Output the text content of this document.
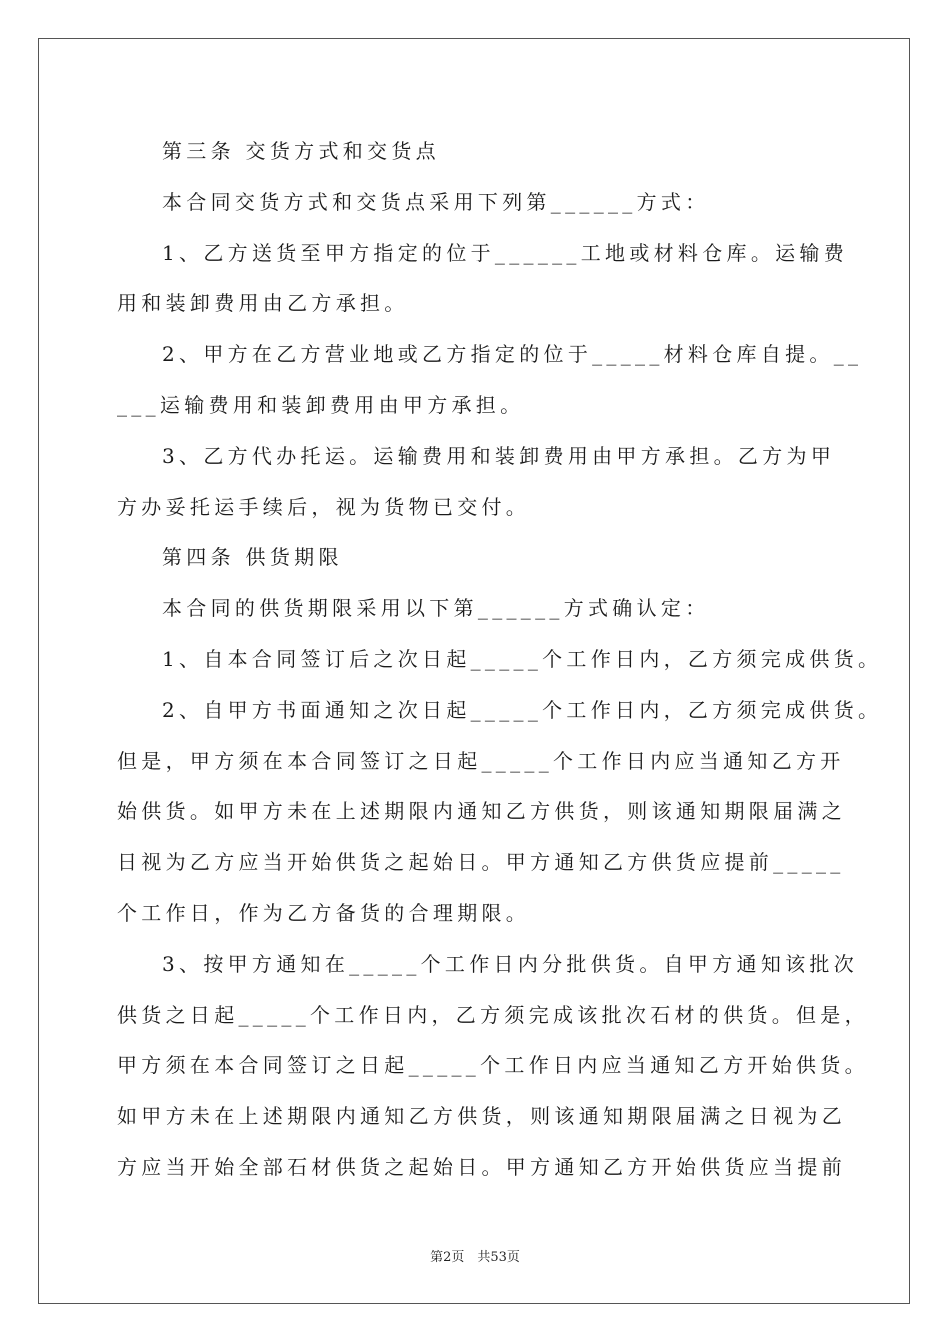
第三条 交货方式和交货点
本合同交货方式和交货点采用下列第______方式：
1、乙方送货至甲方指定的位于______工地或材料仓库。运输费
用和装卸费用由乙方承担。
2、甲方在乙方营业地或乙方指定的位于_____材料仓库自提。__
___运输费用和装卸费用由甲方承担。
3、乙方代办托运。运输费用和装卸费用由甲方承担。乙方为甲
方办妥托运手续后，视为货物已交付。
第四条 供货期限
本合同的供货期限采用以下第______方式确认定：
1、自本合同签订后之次日起_____个工作日内，乙方须完成供货。
2、自甲方书面通知之次日起_____个工作日内，乙方须完成供货。
但是，甲方须在本合同签订之日起_____个工作日内应当通知乙方开
始供货。如甲方未在上述期限内通知乙方供货，则该通知期限届满之
日视为乙方应当开始供货之起始日。甲方通知乙方供货应提前_____
个工作日，作为乙方备货的合理期限。
3、按甲方通知在_____个工作日内分批供货。自甲方通知该批次
供货之日起_____个工作日内，乙方须完成该批次石材的供货。但是，
甲方须在本合同签订之日起_____个工作日内应当通知乙方开始供货。
如甲方未在上述期限内通知乙方供货，则该通知期限届满之日视为乙
方应当开始全部石材供货之起始日。甲方通知乙方开始供货应当提前
第2页　共53页
